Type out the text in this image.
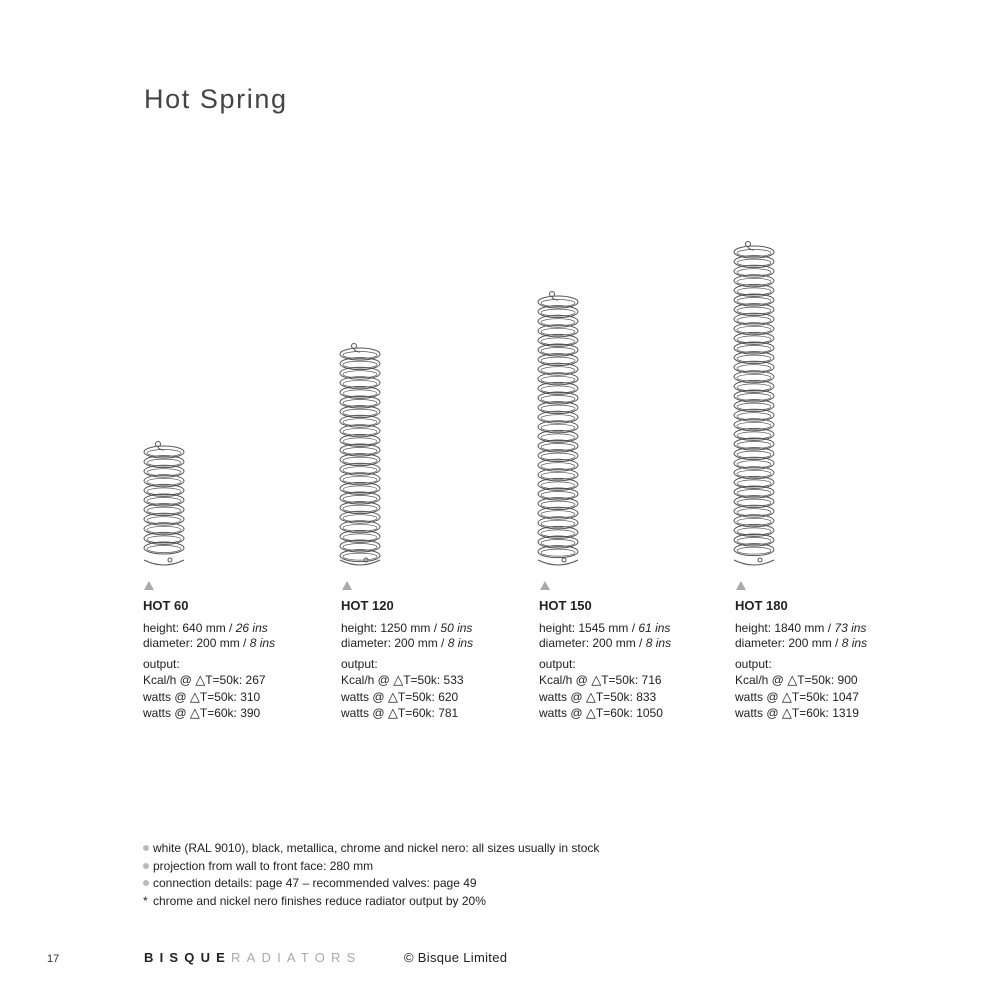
Hot Spring
HOT 60
height: 640 mm / 26 ins
diameter: 200 mm / 8 ins
output:
Kcal/h @ △T=50k: 267
watts @ △T=50k: 310
watts @ △T=60k: 390
HOT 120
height: 1250 mm / 50 ins
diameter: 200 mm / 8 ins
output:
Kcal/h @ △T=50k: 533
watts @ △T=50k: 620
watts @ △T=60k: 781
HOT 150
height: 1545 mm / 61 ins
diameter: 200 mm / 8 ins
output:
Kcal/h @ △T=50k: 716
watts @ △T=50k: 833
watts @ △T=60k: 1050
HOT 180
height: 1840 mm / 73 ins
diameter: 200 mm / 8 ins
output:
Kcal/h @ △T=50k: 900
watts @ △T=50k: 1047
watts @ △T=60k: 1319
white (RAL 9010), black, metallica, chrome and nickel nero: all sizes usually in stock
projection from wall to front face: 280 mm
connection details: page 47 – recommended valves: page 49
* chrome and nickel nero finishes reduce radiator output by 20%
17	BISQUERADIATORS	© Bisque Limited
